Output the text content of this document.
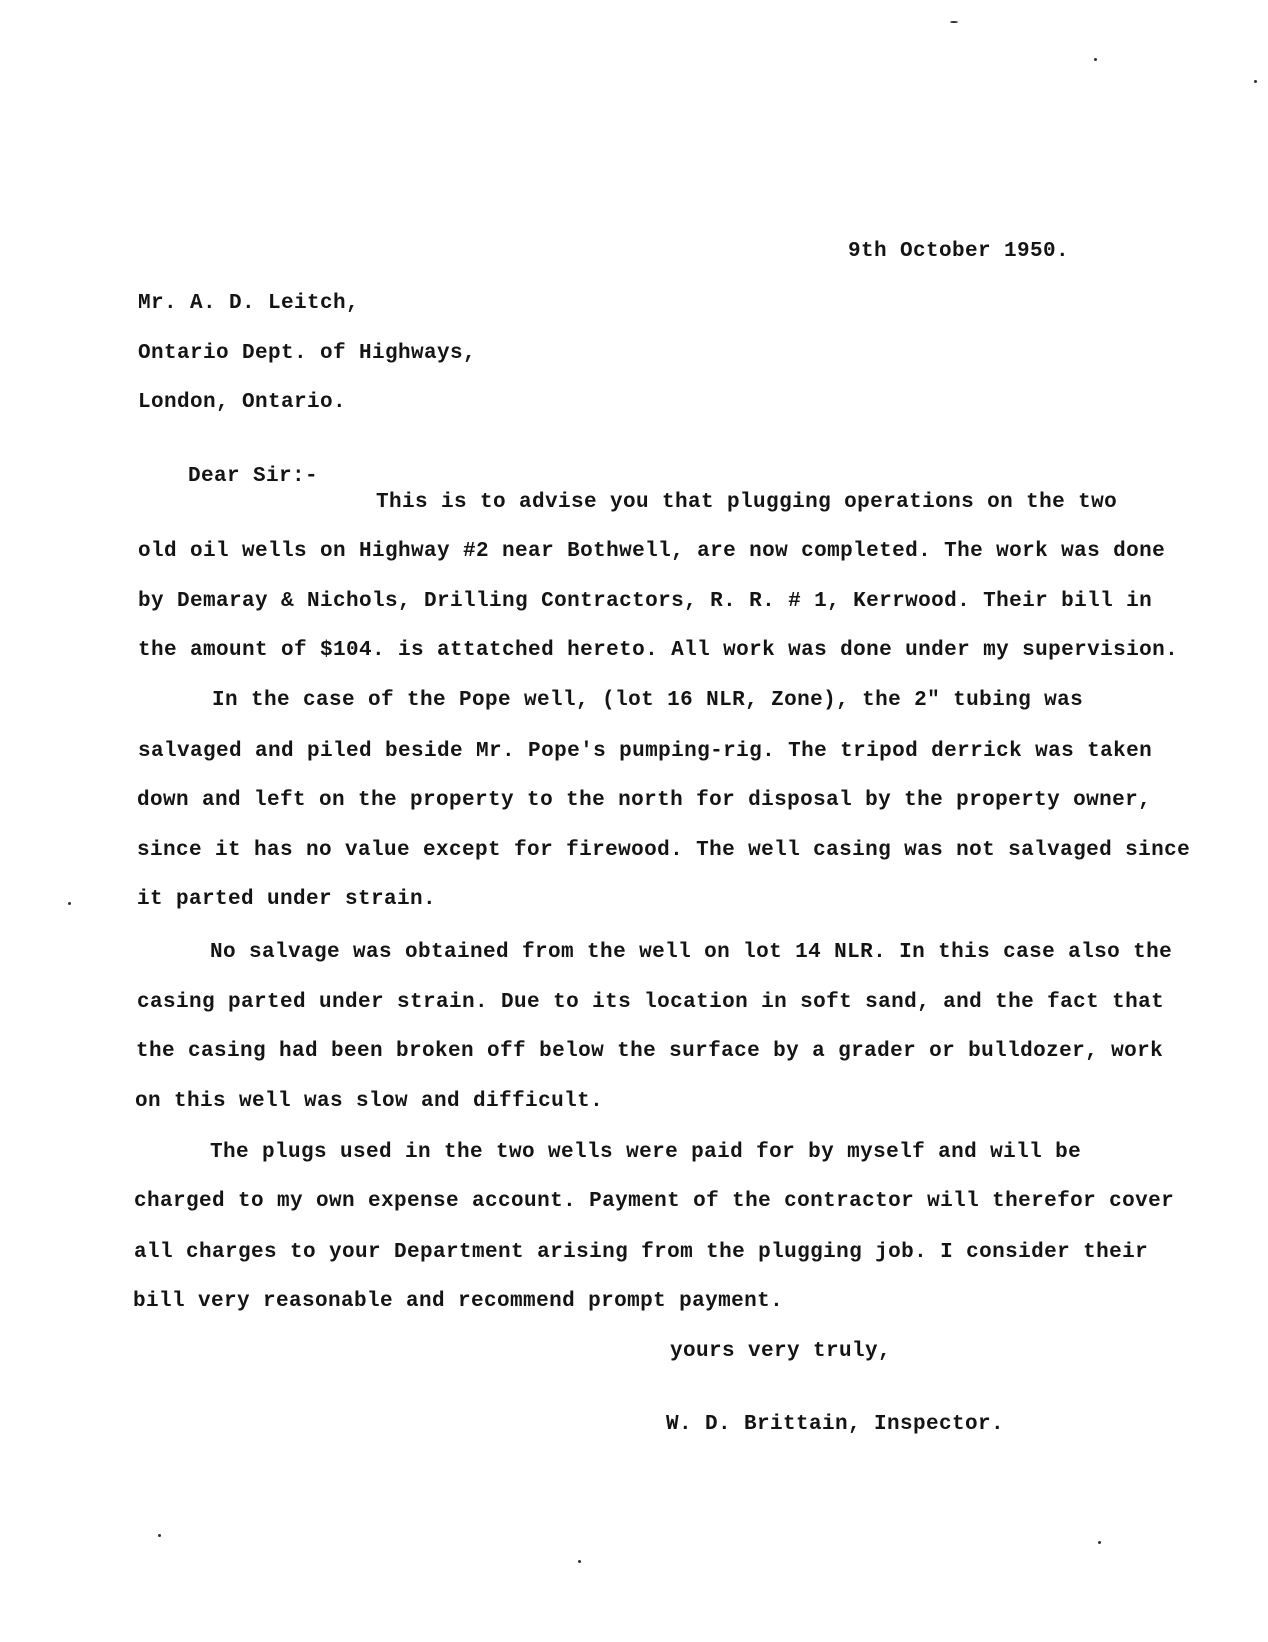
9th October 1950.
Mr. A. D. Leitch,
Ontario Dept. of Highways,
London, Ontario.
Dear Sir:-
This is to advise you that plugging operations on the two
old oil wells on Highway #2 near Bothwell, are now completed. The work was done
by Demaray & Nichols, Drilling Contractors, R. R. # 1, Kerrwood. Their bill in
the amount of $104. is attatched hereto. All work was done under my supervision.
In the case of the Pope well, (lot 16 NLR, Zone), the 2" tubing was
salvaged and piled beside Mr. Pope's pumping-rig. The tripod derrick was taken
down and left on the property to the north for disposal by the property owner,
since it has no value except for firewood. The well casing was not salvaged since
it parted under strain.
No salvage was obtained from the well on lot 14 NLR. In this case also the
casing parted under strain. Due to its location in soft sand, and the fact that
the casing had been broken off below the surface by a grader or bulldozer, work
on this well was slow and difficult.
The plugs used in the two wells were paid for by myself and will be
charged to my own expense account. Payment of the contractor will therefor cover
all charges to your Department arising from the plugging job. I consider their
bill very reasonable and recommend prompt payment.
yours very truly,
W. D. Brittain, Inspector.
